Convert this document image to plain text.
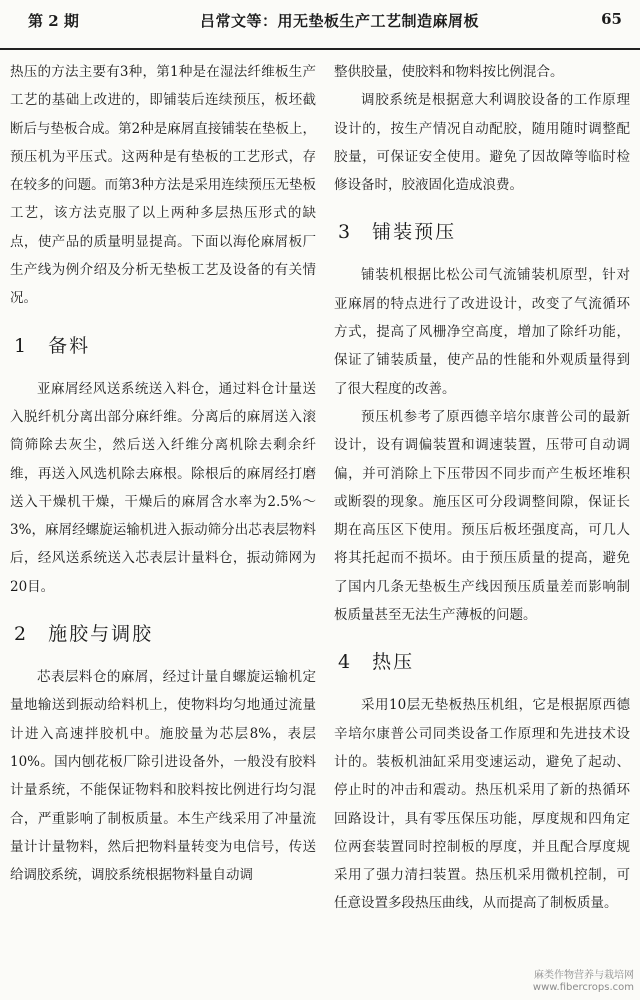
第 2 期	吕常文等：用无垫板生产工艺制造麻屑板	65

热压的方法主要有3种，第1种是在湿法纤维板生产工艺的基础上改进的，即铺装后连续预压，板坯截断后与垫板合成。第2种是麻屑直接铺装在垫板上，预压机为平压式。这两种是有垫板的工艺形式，存在较多的问题。而第3种方法是采用连续预压无垫板工艺，该方法克服了以上两种多层热压形式的缺点，使产品的质量明显提高。下面以海伦麻屑板厂生产线为例介绍及分析无垫板工艺及设备的有关情况。

1 备料

亚麻屑经风送系统送入料仓，通过料仓计量送入脱纤机分离出部分麻纤维。分离后的麻屑送入滚筒筛除去灰尘，然后送入纤维分离机除去剩余纤维，再送入风选机除去麻根。除根后的麻屑经打磨送入干燥机干燥，干燥后的麻屑含水率为2.5%～3%，麻屑经螺旋运输机进入振动筛分出芯表层物料后，经风送系统送入芯表层计量料仓，振动筛网为20目。

2 施胶与调胶

芯表层料仓的麻屑，经过计量自螺旋运输机定量地输送到振动给料机上，使物料均匀地通过流量计进入高速拌胶机中。施胶量为芯层8%，表层10%。国内刨花板厂除引进设备外，一般没有胶料计量系统，不能保证物料和胶料按比例进行均匀混合，严重影响了制板质量。本生产线采用了冲量流量计计量物料，然后把物料量转变为电信号，传送给调胶系统，调胶系统根据物料量自动调

整供胶量，使胶料和物料按比例混合。

调胶系统是根据意大利调胶设备的工作原理设计的，按生产情况自动配胶，随用随时调整配胶量，可保证安全使用。避免了因故障等临时检修设备时，胶液固化造成浪费。

3 铺装预压

铺装机根据比松公司气流铺装机原型，针对亚麻屑的特点进行了改进设计，改变了气流循环方式，提高了风栅净空高度，增加了除纤功能，保证了铺装质量，使产品的性能和外观质量得到了很大程度的改善。

预压机参考了原西德辛培尔康普公司的最新设计，设有调偏装置和调速装置，压带可自动调偏，并可消除上下压带因不同步而产生板坯堆积或断裂的现象。施压区可分段调整间隙，保证长期在高压区下使用。预压后板坯强度高，可几人将其托起而不损坏。由于预压质量的提高，避免了国内几条无垫板生产线因预压质量差而影响制板质量甚至无法生产薄板的问题。

4 热压

采用10层无垫板热压机组，它是根据原西德辛培尔康普公司同类设备工作原理和先进技术设计的。装板机油缸采用变速运动，避免了起动、停止时的冲击和震动。热压机采用了新的热循环回路设计，具有零压保压功能，厚度规和四角定位两套装置同时控制板的厚度，并且配合厚度规采用了强力清扫装置。热压机采用微机控制，可任意设置多段热压曲线，从而提高了制板质量。

麻类作物营养与栽培网
www.fibercrops.com
